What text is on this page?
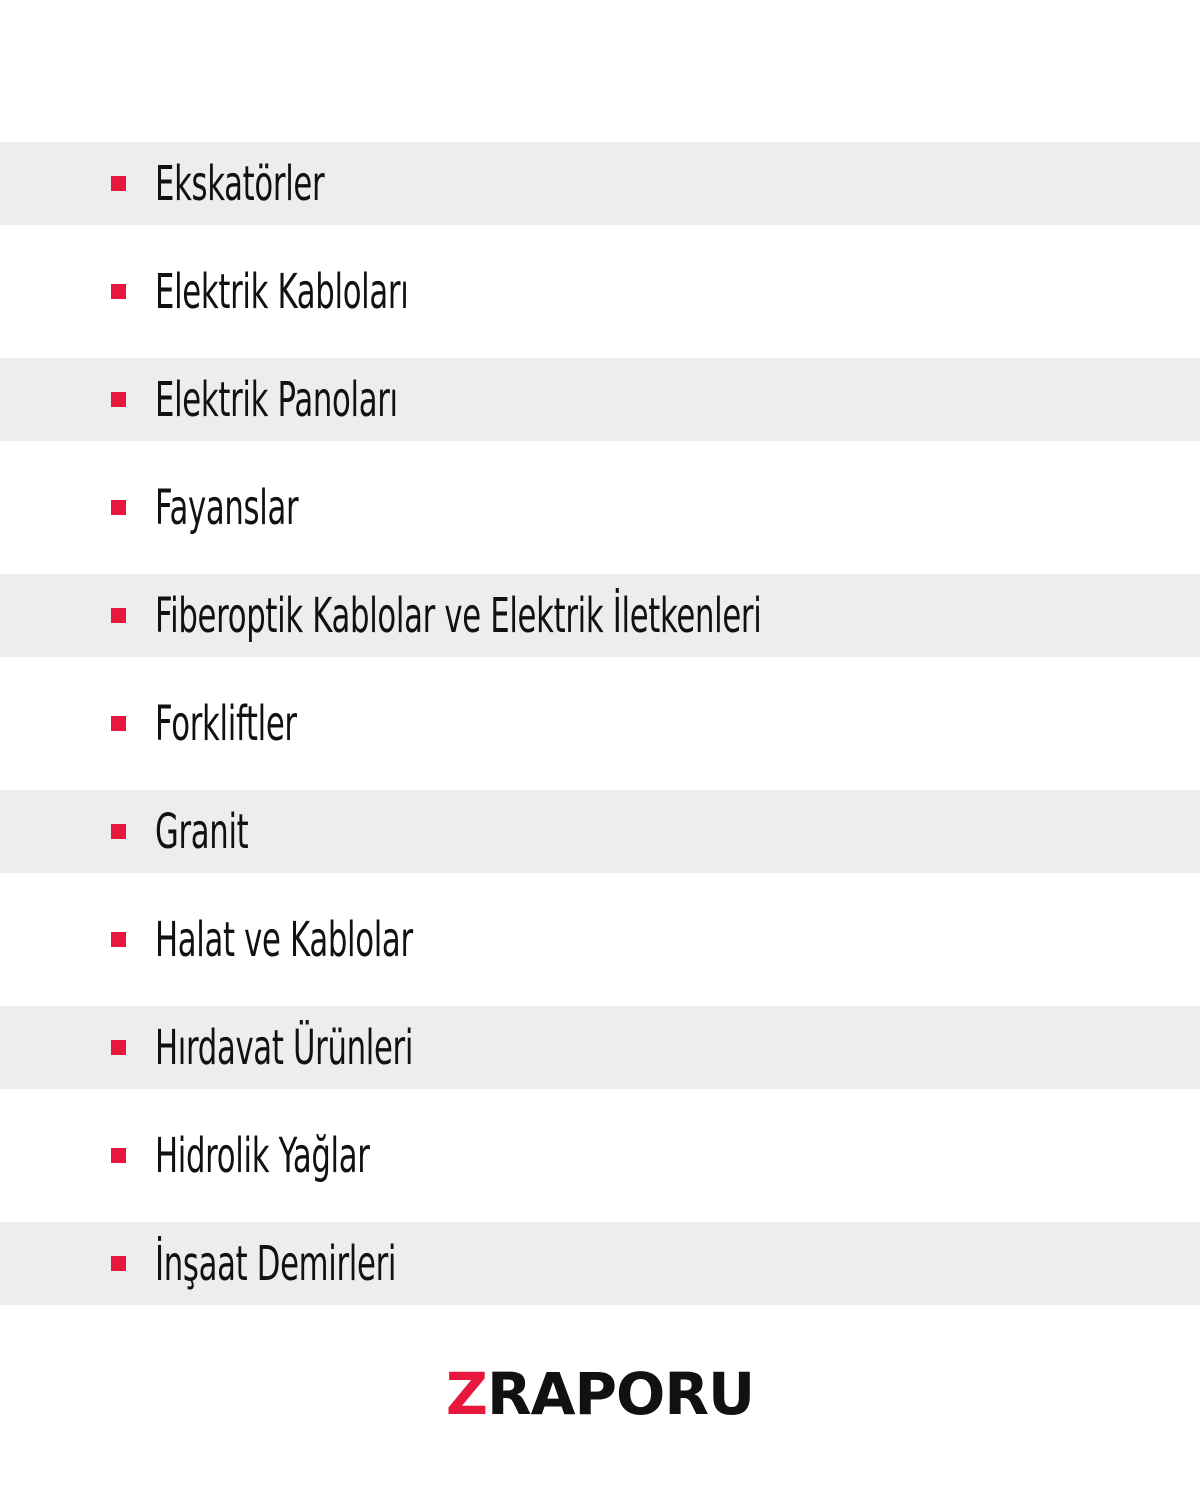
Ekskatörler
Elektrik Kabloları
Elektrik Panoları
Fayanslar
Fiberoptik Kablolar ve Elektrik İletkenleri
Forkliftler
Granit
Halat ve Kablolar
Hırdavat Ürünleri
Hidrolik Yağlar
İnşaat Demirleri
ZRAPORU
